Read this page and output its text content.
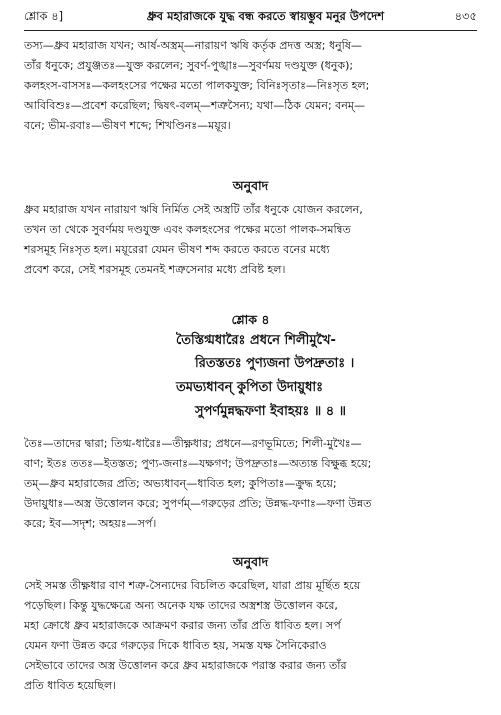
শ্লোক ৪]	ধ্রুব মহারাজকে যুদ্ধ বন্ধ করতে স্বায়ম্ভুব মনুর উপদেশ	৪৩৫

তস্য—ধ্রুব মহারাজ যখন; আর্ষ-অস্ত্রম্—নারায়ণ ঋষি কর্তৃক প্রদত্ত অস্ত্র; ধনুষি—

তাঁর ধনুকে; প্রযুঞ্জতঃ—যুক্ত করলেন; সুবর্ণ-পুঙ্খাঃ—সুবর্ণময় দণ্ডযুক্ত (ধনুক);

কলহংস-বাসসঃ—কলহংসের পক্ষের মতো পালকযুক্ত; বিনিঃসৃতাঃ—নিঃসৃত হল;

আবিবিশুঃ—প্রবেশ করেছিল; দ্বিষৎ-বলম্—শত্রুসৈন্য; যথা—ঠিক যেমন; বনম্—

বনে; ভীম-রবাঃ—ভীষণ শব্দে; শিখণ্ডিনঃ—ময়ূর।

অনুবাদ

ধ্রুব মহারাজ যখন নারায়ণ ঋষি নির্মিত সেই অস্ত্রটি তাঁর ধনুকে যোজন করলেন,

তখন তা থেকে সুবর্ণময় দণ্ডযুক্ত এবং কলহংসের পক্ষের মতো পালক-সমন্বিত

শরসমূহ নিঃসৃত হল। ময়ূরেরা যেমন ভীষণ শব্দ করতে করতে বনের মধ্যে

প্রবেশ করে, সেই শরসমূহ তেমনই শত্রুসেনার মধ্যে প্রবিষ্ট হল।

শ্লোক ৪
তৈস্তিগ্মধারৈঃ প্রধনে শিলীমুখৈ-
রিতস্ততঃ পুণ্যজনা উপদ্রুতাঃ ।
তমভ্যধাবন্ কুপিতা উদায়ুধাঃ
সুপর্ণমুন্নদ্ধফণা ইবাহয়ঃ ॥ ৪ ॥

তৈঃ—তাদের দ্বারা; তিগ্ম-ধারৈঃ—তীক্ষ্ণধার; প্রধনে—রণভূমিতে; শিলী-মুখৈঃ—

বাণ; ইতঃ ততঃ—ইতস্তত; পুণ্য-জনাঃ—যক্ষগণ; উপদ্রুতাঃ—অত্যন্ত বিক্ষুব্ধ হয়ে;

তম্—ধ্রুব মহারাজের প্রতি; অভ্যধাবন্—ধাবিত হল; কুপিতাঃ—ক্রুদ্ধ হয়ে;

উদায়ুধাঃ—অস্ত্র উত্তোলন করে; সুপর্ণম্—গরুড়ের প্রতি; উন্নদ্ধ-ফণাঃ—ফণা উন্নত

করে; ইব—সদৃশ; অহয়ঃ—সর্প।

অনুবাদ

সেই সমস্ত তীক্ষ্ণধার বাণ শত্রু-সৈন্যদের বিচলিত করেছিল, যারা প্রায় মূর্ছিত হয়ে

পড়েছিল। কিন্তু যুদ্ধক্ষেত্রে অন্য অনেক যক্ষ তাদের অস্ত্রশস্ত্র উত্তোলন করে,

মহা ক্রোধে ধ্রুব মহারাজকে আক্রমণ করার জন্য তাঁর প্রতি ধাবিত হল। সর্প

যেমন ফণা উন্নত করে গরুড়ের দিকে ধাবিত হয়, সমস্ত যক্ষ সৈনিকেরাও

সেইভাবে তাদের অস্ত্র উত্তোলন করে ধ্রুব মহারাজকে পরাস্ত করার জন্য তাঁর

প্রতি ধাবিত হয়েছিল।
